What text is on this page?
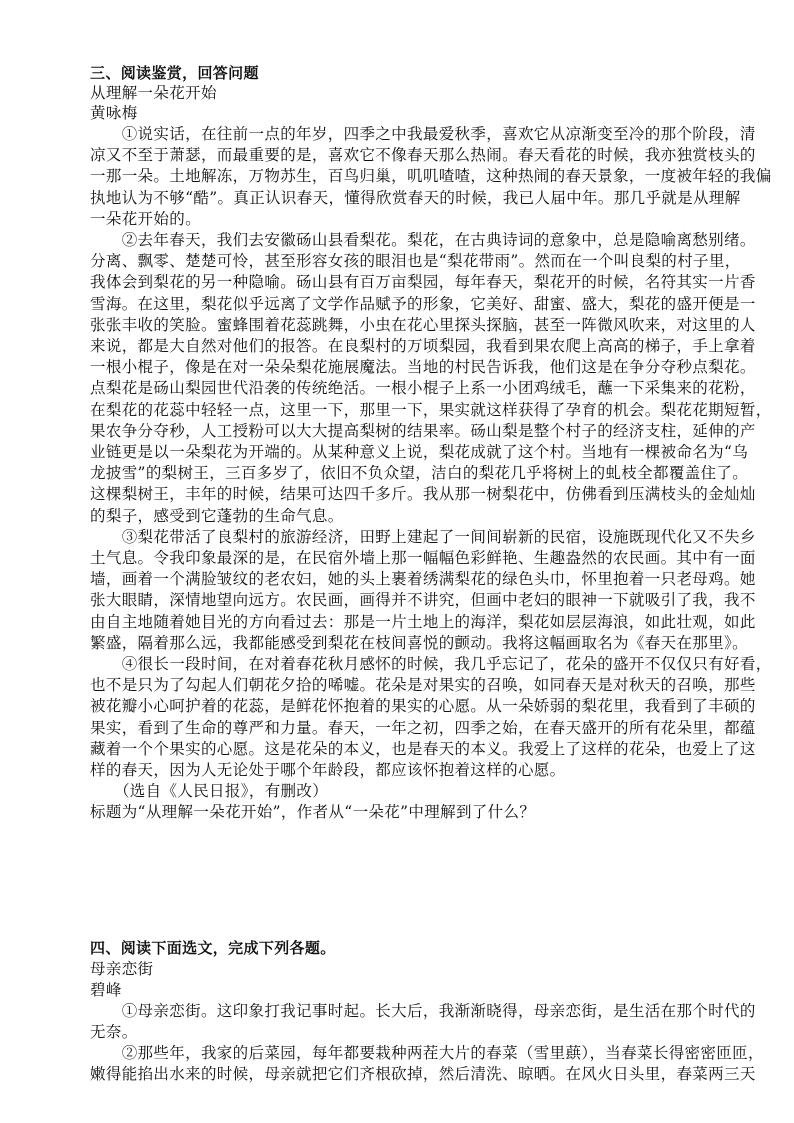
三、阅读鉴赏，回答问题
从理解一朵花开始
黄咏梅
　　①说实话，在往前一点的年岁，四季之中我最爱秋季，喜欢它从凉渐变至冷的那个阶段，清
凉又不至于萧瑟，而最重要的是，喜欢它不像春天那么热闹。春天看花的时候，我亦独赏枝头的
一那一朵。土地解冻，万物苏生，百鸟归巢，叽叽喳喳，这种热闹的春天景象，一度被年轻的我偏
执地认为不够“酷”。真正认识春天，懂得欣赏春天的时候，我已人届中年。那几乎就是从理解
一朵花开始的。
　　②去年春天，我们去安徽砀山县看梨花。梨花，在古典诗词的意象中，总是隐喻离愁别绪。
分离、飘零、楚楚可怜，甚至形容女孩的眼泪也是“梨花带雨”。然而在一个叫良梨的村子里，
我体会到梨花的另一种隐喻。砀山县有百万亩梨园，每年春天，梨花开的时候，名符其实一片香
雪海。在这里，梨花似乎远离了文学作品赋予的形象，它美好、甜蜜、盛大，梨花的盛开便是一
张张丰收的笑脸。蜜蜂围着花蕊跳舞，小虫在花心里探头探脑，甚至一阵微风吹来，对这里的人
来说，都是大自然对他们的报答。在良梨村的万顷梨园，我看到果农爬上高高的梯子，手上拿着
一根小棍子，像是在对一朵朵梨花施展魔法。当地的村民告诉我，他们这是在争分夺秒点梨花。
点梨花是砀山梨园世代沿袭的传统绝活。一根小棍子上系一小团鸡绒毛，蘸一下采集来的花粉，
在梨花的花蕊中轻轻一点，这里一下，那里一下，果实就这样获得了孕育的机会。梨花花期短暂，
果农争分夺秒，人工授粉可以大大提高梨树的结果率。砀山梨是整个村子的经济支柱，延伸的产
业链更是以一朵梨花为开端的。从某种意义上说，梨花成就了这个村。当地有一棵被命名为“乌
龙披雪”的梨树王，三百多岁了，依旧不负众望，洁白的梨花几乎将树上的虬枝全都覆盖住了。
这棵梨树王，丰年的时候，结果可达四千多斤。我从那一树梨花中，仿佛看到压满枝头的金灿灿
的梨子，感受到它蓬勃的生命气息。
　　③梨花带活了良梨村的旅游经济，田野上建起了一间间崭新的民宿，设施既现代化又不失乡
土气息。令我印象最深的是，在民宿外墙上那一幅幅色彩鲜艳、生趣盎然的农民画。其中有一面
墙，画着一个满脸皱纹的老农妇，她的头上裹着绣满梨花的绿色头巾，怀里抱着一只老母鸡。她
张大眼睛，深情地望向远方。农民画，画得并不讲究，但画中老妇的眼神一下就吸引了我，我不
由自主地随着她目光的方向看过去：那是一片土地上的海洋，梨花如层层海浪，如此壮观，如此
繁盛，隔着那么远，我都能感受到梨花在枝间喜悦的颤动。我将这幅画取名为《春天在那里》。
　　④很长一段时间，在对着春花秋月感怀的时候，我几乎忘记了，花朵的盛开不仅仅只有好看，
也不是只为了勾起人们朝花夕拾的唏嘘。花朵是对果实的召唤，如同春天是对秋天的召唤，那些
被花瓣小心呵护着的花蕊，是鲜花怀抱着的果实的心愿。从一朵娇弱的梨花里，我看到了丰硕的
果实，看到了生命的尊严和力量。春天，一年之初，四季之始，在春天盛开的所有花朵里，都蕴
藏着一个个果实的心愿。这是花朵的本义，也是春天的本义。我爱上了这样的花朵，也爱上了这
样的春天，因为人无论处于哪个年龄段，都应该怀抱着这样的心愿。
　　（选自《人民日报》，有删改）
标题为“从理解一朵花开始”，作者从“一朵花”中理解到了什么？
四、阅读下面选文，完成下列各题。
母亲恋街
碧峰
　　①母亲恋街。这印象打我记事时起。长大后，我渐渐晓得，母亲恋街，是生活在那个时代的
无奈。
　　②那些年，我家的后菜园，每年都要栽种两茬大片的春菜（雪里蕻），当春菜长得密密匝匝，
嫩得能掐出水来的时候，母亲就把它们齐根砍掉，然后清洗、晾晒。在风火日头里，春菜两三天
